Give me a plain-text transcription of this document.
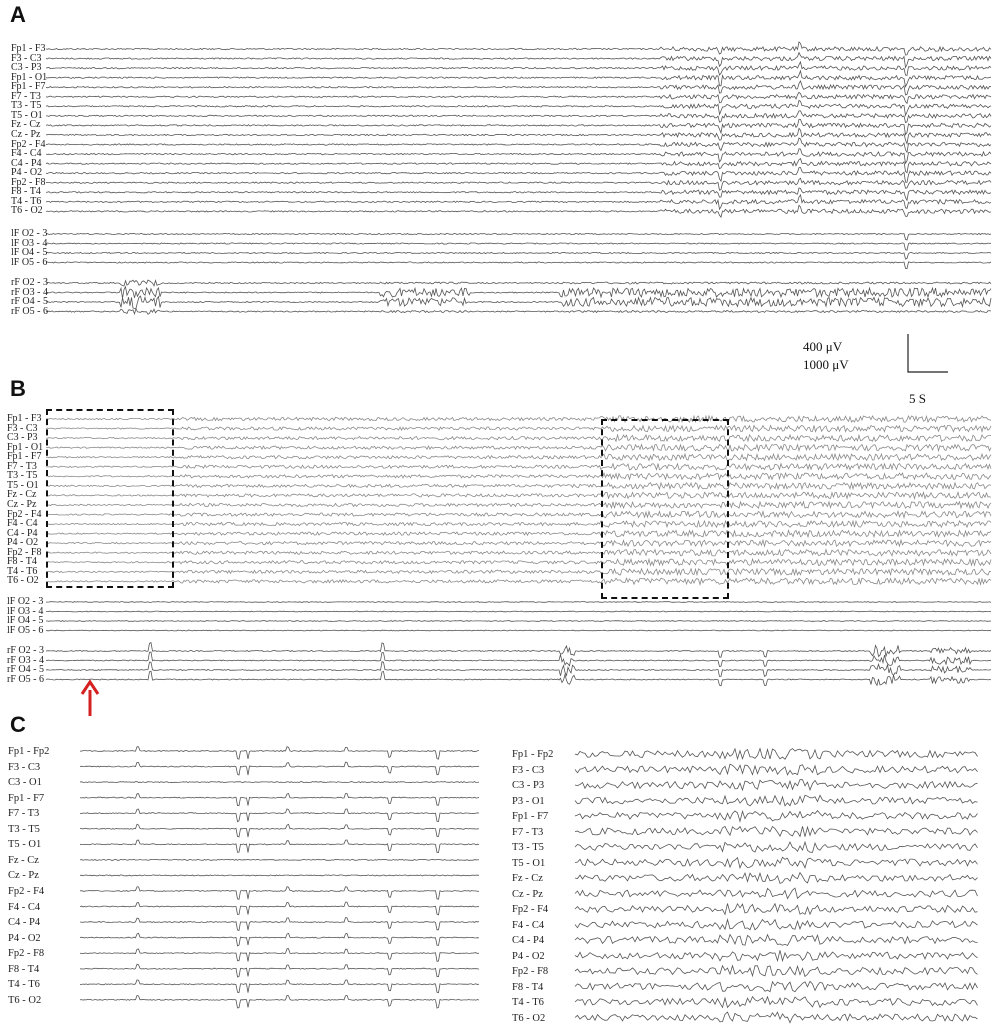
A
B
C
Fp1 - F3
F3 - C3
C3 - P3
Fp1 - O1
Fp1 - F7
F7 - T3
T3 - T5
T5 - O1
Fz - Cz
Cz - Pz
Fp2 - F4
F4 - C4
C4 - P4
P4 - O2
Fp2 - F8
F8 - T4
T4 - T6
T6 - O2
lF O2 - 3
lF O3 - 4
lF O4 - 5
lF O5 - 6
rF O2 - 3
rF O3 - 4
rF O4 - 5
rF O5 - 6
Fp1 - F3
F3 - C3
C3 - P3
Fp1 - O1
Fp1 - F7
F7 - T3
T3 - T5
T5 - O1
Fz - Cz
Cz - Pz
Fp2 - F4
F4 - C4
C4 - P4
P4 - O2
Fp2 - F8
F8 - T4
T4 - T6
T6 - O2
lF O2 - 3
lF O3 - 4
lF O4 - 5
lF O5 - 6
rF O2 - 3
rF O3 - 4
rF O4 - 5
rF O5 - 6
Fp1 - Fp2
F3 - C3
C3 - O1
Fp1 - F7
F7 - T3
T3 - T5
T5 - O1
Fz - Cz
Cz - Pz
Fp2 - F4
F4 - C4
C4 - P4
P4 - O2
Fp2 - F8
F8 - T4
T4 - T6
T6 - O2
Fp1 - Fp2
F3 - C3
C3 - P3
P3 - O1
Fp1 - F7
F7 - T3
T3 - T5
T5 - O1
Fz - Cz
Cz - Pz
Fp2 - F4
F4 - C4
C4 - P4
P4 - O2
Fp2 - F8
F8 - T4
T4 - T6
T6 - O2
400 μV
1000 μV
5 S
